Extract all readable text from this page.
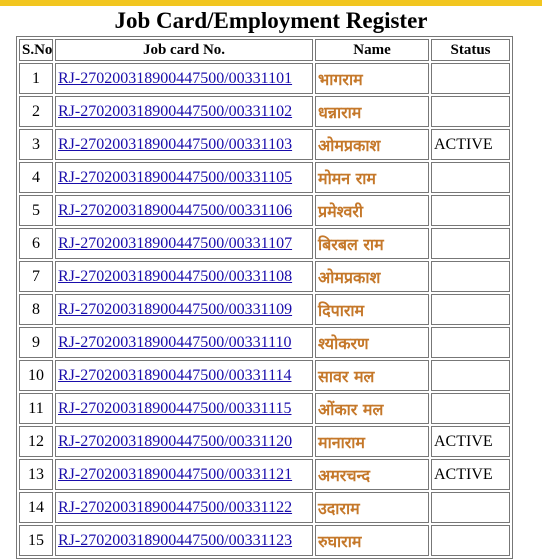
Job Card/Employment Register
S.No	Job card No.	Name	Status
1	RJ-270200318900447500/00331101	भागराम	
2	RJ-270200318900447500/00331102	धन्नाराम	
3	RJ-270200318900447500/00331103	ओमप्रकाश	ACTIVE
4	RJ-270200318900447500/00331105	मोमन राम	
5	RJ-270200318900447500/00331106	प्रमेश्वरी	
6	RJ-270200318900447500/00331107	बिरबल राम	
7	RJ-270200318900447500/00331108	ओमप्रकाश	
8	RJ-270200318900447500/00331109	दिपाराम	
9	RJ-270200318900447500/00331110	श्योकरण	
10	RJ-270200318900447500/00331114	सावर मल	
11	RJ-270200318900447500/00331115	ओंकार मल	
12	RJ-270200318900447500/00331120	मानाराम	ACTIVE
13	RJ-270200318900447500/00331121	अमरचन्द	ACTIVE
14	RJ-270200318900447500/00331122	उदाराम	
15	RJ-270200318900447500/00331123	रुघाराम	
